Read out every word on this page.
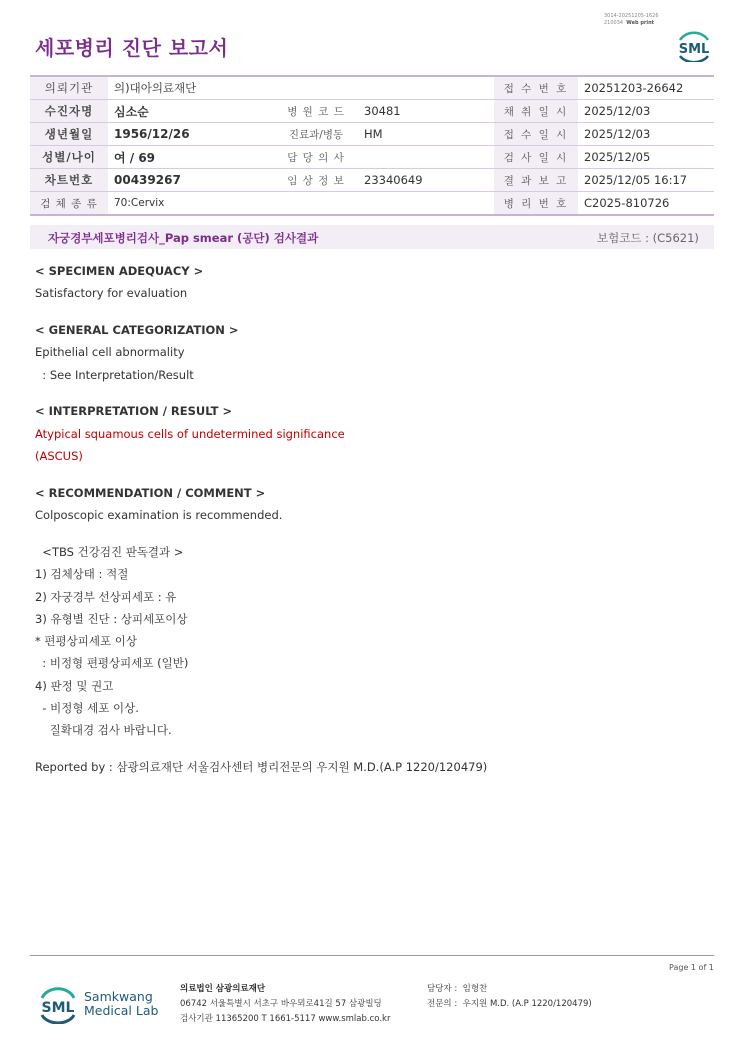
3014-20251205-1626
210034 Web print
세포병리 진단 보고서	SML
의뢰기관	의)대아의료재단			접 수 번 호	20251203-26642
수진자명	심소순	병 원 코 드	30481	채 취 일 시	2025/12/03
생년월일	1956/12/26	진료과/병동	HM	접 수 일 시	2025/12/03
성별/나이	여 / 69	담 당 의 사		검 사 일 시	2025/12/05
차트번호	00439267	임 상 정 보	23340649	결 과 보 고	2025/12/05 16:17
검 체 종 류	70:Cervix			병 리 번 호	C2025-810726
자궁경부세포병리검사_Pap smear (공단) 검사결과	보험코드 : (C5621)
< SPECIMEN ADEQUACY >
Satisfactory for evaluation
< GENERAL CATEGORIZATION >
Epithelial cell abnormality
: See Interpretation/Result
< INTERPRETATION / RESULT >
Atypical squamous cells of undetermined significance
(ASCUS)
< RECOMMENDATION / COMMENT >
Colposcopic examination is recommended.
<TBS 건강검진 판독결과 >
1) 검체상태 : 적절
2) 자궁경부 선상피세포 : 유
3) 유형별 진단 : 상피세포이상
* 편평상피세포 이상
: 비정형 편평상피세포 (일반)
4) 판정 및 권고
- 비정형 세포 이상.
질확대경 검사 바랍니다.
Reported by : 삼광의료재단 서울검사센터 병리전문의 우지원 M.D.(A.P 1220/120479)
Page 1 of 1
SML
Samkwang
Medical Lab
의료법인 삼광의료재단
06742 서울특별시 서초구 바우뫼로41길 57 삼광빌딩
검사기관 11365200 T 1661-5117 www.smlab.co.kr
담당자 : 임형찬
전문의 : 우지원 M.D. (A.P 1220/120479)
